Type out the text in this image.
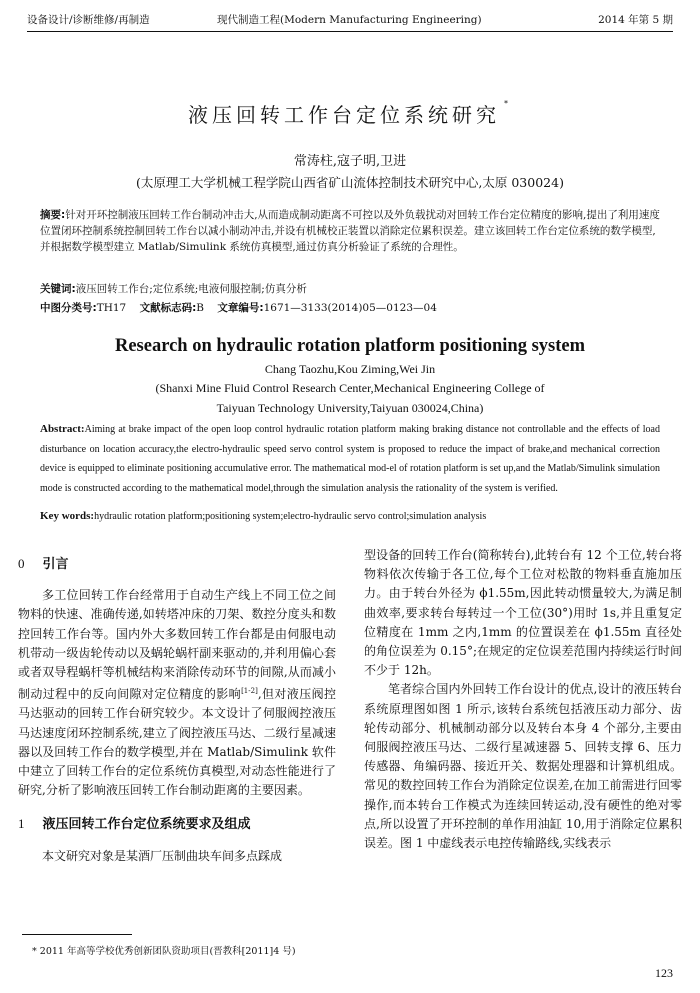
设备设计/诊断维修/再制造	现代制造工程(Modern Manufacturing Engineering)	2014 年第 5 期
液压回转工作台定位系统研究 *
常涛柱,寇子明,卫进
(太原理工大学机械工程学院山西省矿山流体控制技术研究中心,太原 030024)
摘要:针对开环控制液压回转工作台制动冲击大,从而造成制动距离不可控以及外负载扰动对回转工作台定位精度的影响,提出了利用速度位置闭环控制系统控制回转工作台以减小制动冲击,并设有机械校正装置以消除定位累积误差。建立该回转工作台定位系统的数学模型,并根据数学模型建立 Matlab/Simulink 系统仿真模型,通过仿真分析验证了系统的合理性。
关键词:液压回转工作台;定位系统;电液伺服控制;仿真分析
中图分类号:TH17 文献标志码:B 文章编号:1671—3133(2014)05—0123—04
Research on hydraulic rotation platform positioning system
Chang Taozhu,Kou Ziming,Wei Jin
(Shanxi Mine Fluid Control Research Center,Mechanical Engineering College of
Taiyuan Technology University,Taiyuan 030024,China)
Abstract:Aiming at brake impact of the open loop control hydraulic rotation platform making braking distance not controllable and the effects of load disturbance on location accuracy,the electro-hydraulic speed servo control system is proposed to reduce the impact of brake,and mechanical correction device is equipped to eliminate positioning accumulative error. The mathematical mod-el of rotation platform is set up,and the Matlab/Simulink simulation mode is constructed according to the mathematical model,through the simulation analysis the rationality of the system is verified.
Key words:hydraulic rotation platform;positioning system;electro-hydraulic servo control;simulation analysis
0 引言

多工位回转工作台经常用于自动生产线上不同工位之间物料的快速、准确传递,如转塔冲床的刀架、数控分度头和数控回转工作台等。国内外大多数回转工作台都是由伺服电动机带动一级齿轮传动以及蜗轮蜗杆副来驱动的,并利用偏心套或者双导程蜗杆等机械结构来消除传动环节的间隙,从而减小制动过程中的反向间隙对定位精度的影响[1-2],但对液压阀控马达驱动的回转工作台研究较少。本文设计了伺服阀控液压马达速度闭环控制系统,建立了阀控液压马达、二级行星减速器以及回转工作台的数学模型,并在 Matlab/Simulink 软件中建立了回转工作台的定位系统仿真模型,对动态性能进行了研究,分析了影响液压回转工作台制动距离的主要因素。

1 液压回转工作台定位系统要求及组成

本文研究对象是某酒厂压制曲块车间多点踩成

型设备的回转工作台(简称转台),此转台有 12 个工位,转台将物料依次传输于各工位,每个工位对松散的物料垂直施加压力。由于转台外径为 ϕ1.55m,因此转动惯量较大,为满足制曲效率,要求转台每转过一个工位(30°)用时 1s,并且重复定位精度在 1mm 之内,1mm 的位置误差在 ϕ1.55m 直径处的角位误差为 0.15°;在规定的定位误差范围内持续运行时间不少于 12h。

笔者综合国内外回转工作台设计的优点,设计的液压转台系统原理图如图 1 所示,该转台系统包括液压动力部分、齿轮传动部分、机械制动部分以及转台本身 4 个部分,主要由伺服阀控液压马达、二级行星减速器 5、回转支撑 6、压力传感器、角编码器、接近开关、数据处理器和计算机组成。常见的数控回转工作台为消除定位误差,在加工前需进行回零操作,而本转台工作模式为连续回转运动,没有硬性的绝对零点,所以设置了开环控制的单作用油缸 10,用于消除定位累积误差。图 1 中虚线表示电控传输路线,实线表示

* 2011 年高等学校优秀创新团队资助项目(晋教科[2011]4 号)
123
